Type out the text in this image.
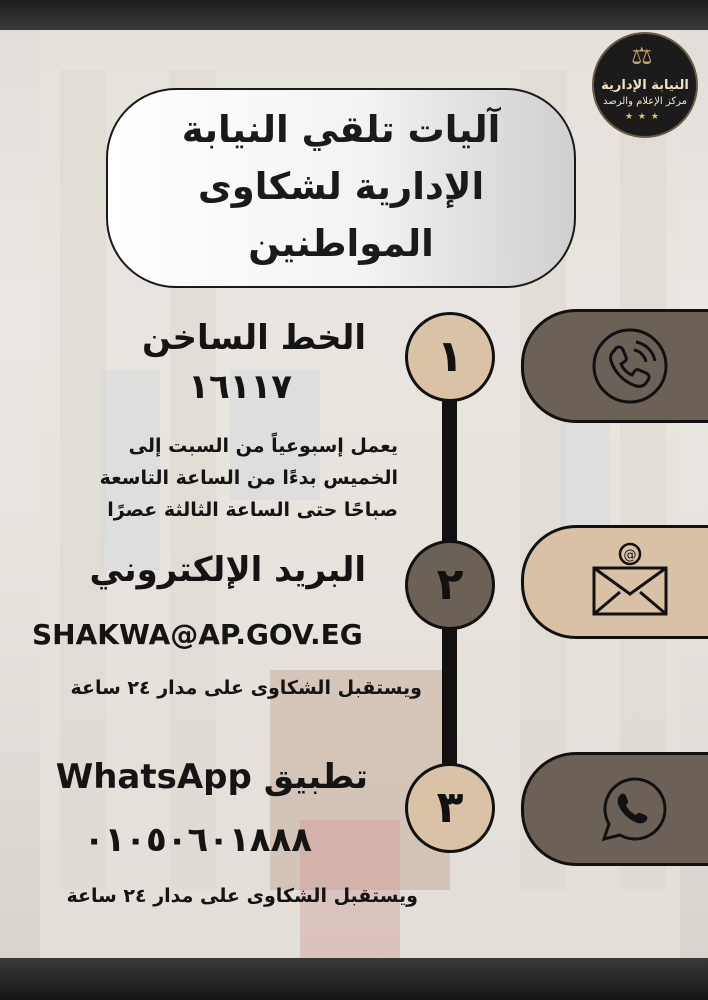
⚖
النيابة الإدارية
مركز الإعلام والرصد
★ ★ ★
آليات تلقي النيابة
الإدارية لشكاوى
المواطنين
١
الخط الساخن
١٦١١٧
يعمل إسبوعياً من السبت إلى
الخميس بدءًا من الساعة التاسعة
صباحًا حتى الساعة الثالثة عصرًا
@
٢
البريد الإلكتروني
SHAKWA@AP.GOV.EG
ويستقبل الشكاوى على مدار ٢٤ ساعة
٣
تطبيق WhatsApp
٠١٠٥٠٦٠١٨٨٨
ويستقبل الشكاوى على مدار ٢٤ ساعة
